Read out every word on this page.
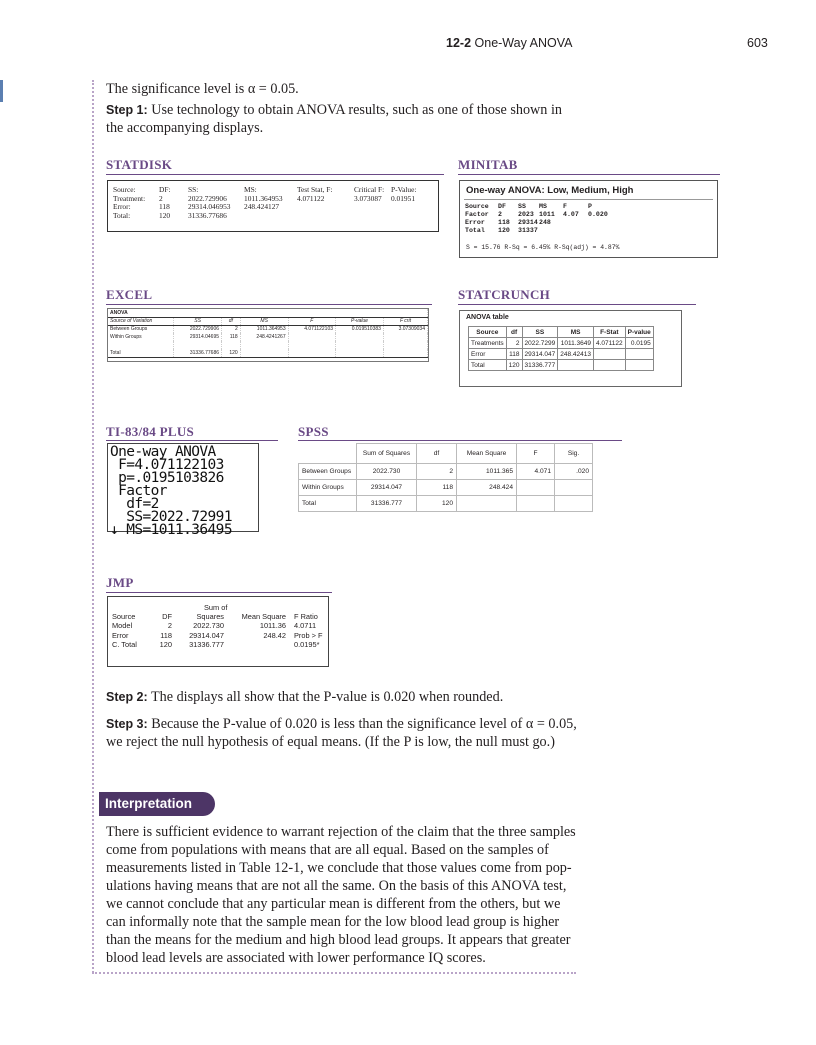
12-2 One-Way ANOVA	603
The significance level is α = 0.05.
Step 1: Use technology to obtain ANOVA results, such as one of those shown in
the accompanying displays.
STATDISK
Source:	DF: SS:	MS:	Test Stat, F:	Critical F: P-Value:
Treatment: 2	2022.729906 1011.364953 4.071122	3.073087 0.01951
Error:	118 29314.046953 248.424127
Total:	120 31336.77686
MINITAB
One-way ANOVA: Low, Medium, High
Source DF SS MS F	P
Factor 2 2023 1011 4.07 0.020
Error 118 29314 248
Total 120 31337
S = 15.76 R-Sq = 6.45% R-Sq(adj) = 4.87%
EXCEL
ANOVA						
Source of Variation	SS	df	MS	F	P-value	F crit
Between Groups	2022.729906	2	1011.364953	4.071122103	0.019510383	3.07309034
Within Groups	29314.04695	118	248.4241267			

Total	31336.77686	120				
STATCRUNCH
ANOVA table
Source	df	SS	MS	F-Stat	P-value
Treatments	2	2022.7299	1011.3649	4.071122	0.0195
Error	118	29314.047	248.42413		
Total	120	31336.777			
TI-83/84 PLUS
One-way ANOVA
F=4.071122103
p=.0195103826
Factor
df=2
SS=2022.72991
↓ MS=1011.36495
SPSS
	Sum of Squares	df	Mean Square	F	Sig.
Between Groups	2022.730	2	1011.365	4.071	.020
Within Groups	29314.047	118	248.424		
Total	31336.777	120			
JMP
Sum of
Source	DF	Squares	Mean Square F Ratio
Model	2	2022.730	1011.36 4.0711
Error	118	29314.047	248.42 Prob > F
C. Total	120	31336.777	0.0195*
Step 2: The displays all show that the P-value is 0.020 when rounded.
Step 3: Because the P-value of 0.020 is less than the significance level of α = 0.05,
we reject the null hypothesis of equal means. (If the P is low, the null must go.)
Interpretation
There is sufficient evidence to warrant rejection of the claim that the three samples
come from populations with means that are all equal. Based on the samples of
measurements listed in Table 12-1, we conclude that those values come from pop-
ulations having means that are not all the same. On the basis of this ANOVA test,
we cannot conclude that any particular mean is different from the others, but we
can informally note that the sample mean for the low blood lead group is higher
than the means for the medium and high blood lead groups. It appears that greater
blood lead levels are associated with lower performance IQ scores.
